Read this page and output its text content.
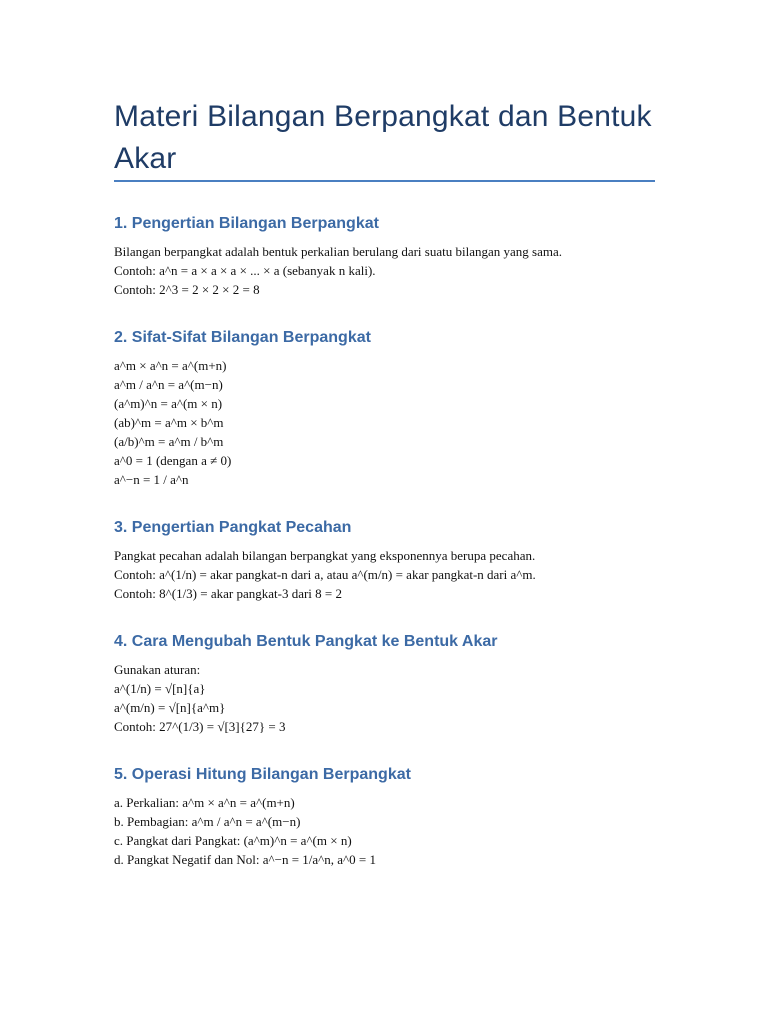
Materi Bilangan Berpangkat dan Bentuk Akar
1. Pengertian Bilangan Berpangkat
Bilangan berpangkat adalah bentuk perkalian berulang dari suatu bilangan yang sama.
Contoh: a^n = a × a × a × ... × a (sebanyak n kali).
Contoh: 2^3 = 2 × 2 × 2 = 8
2. Sifat-Sifat Bilangan Berpangkat
a^m × a^n = a^(m+n)
a^m / a^n = a^(m−n)
(a^m)^n = a^(m × n)
(ab)^m = a^m × b^m
(a/b)^m = a^m / b^m
a^0 = 1 (dengan a ≠ 0)
a^−n = 1 / a^n
3. Pengertian Pangkat Pecahan
Pangkat pecahan adalah bilangan berpangkat yang eksponennya berupa pecahan.
Contoh: a^(1/n) = akar pangkat-n dari a, atau a^(m/n) = akar pangkat-n dari a^m.
Contoh: 8^(1/3) = akar pangkat-3 dari 8 = 2
4. Cara Mengubah Bentuk Pangkat ke Bentuk Akar
Gunakan aturan:
a^(1/n) = √[n]{a}
a^(m/n) = √[n]{a^m}
Contoh: 27^(1/3) = √[3]{27} = 3
5. Operasi Hitung Bilangan Berpangkat
a. Perkalian: a^m × a^n = a^(m+n)
b. Pembagian: a^m / a^n = a^(m−n)
c. Pangkat dari Pangkat: (a^m)^n = a^(m × n)
d. Pangkat Negatif dan Nol: a^−n = 1/a^n, a^0 = 1
